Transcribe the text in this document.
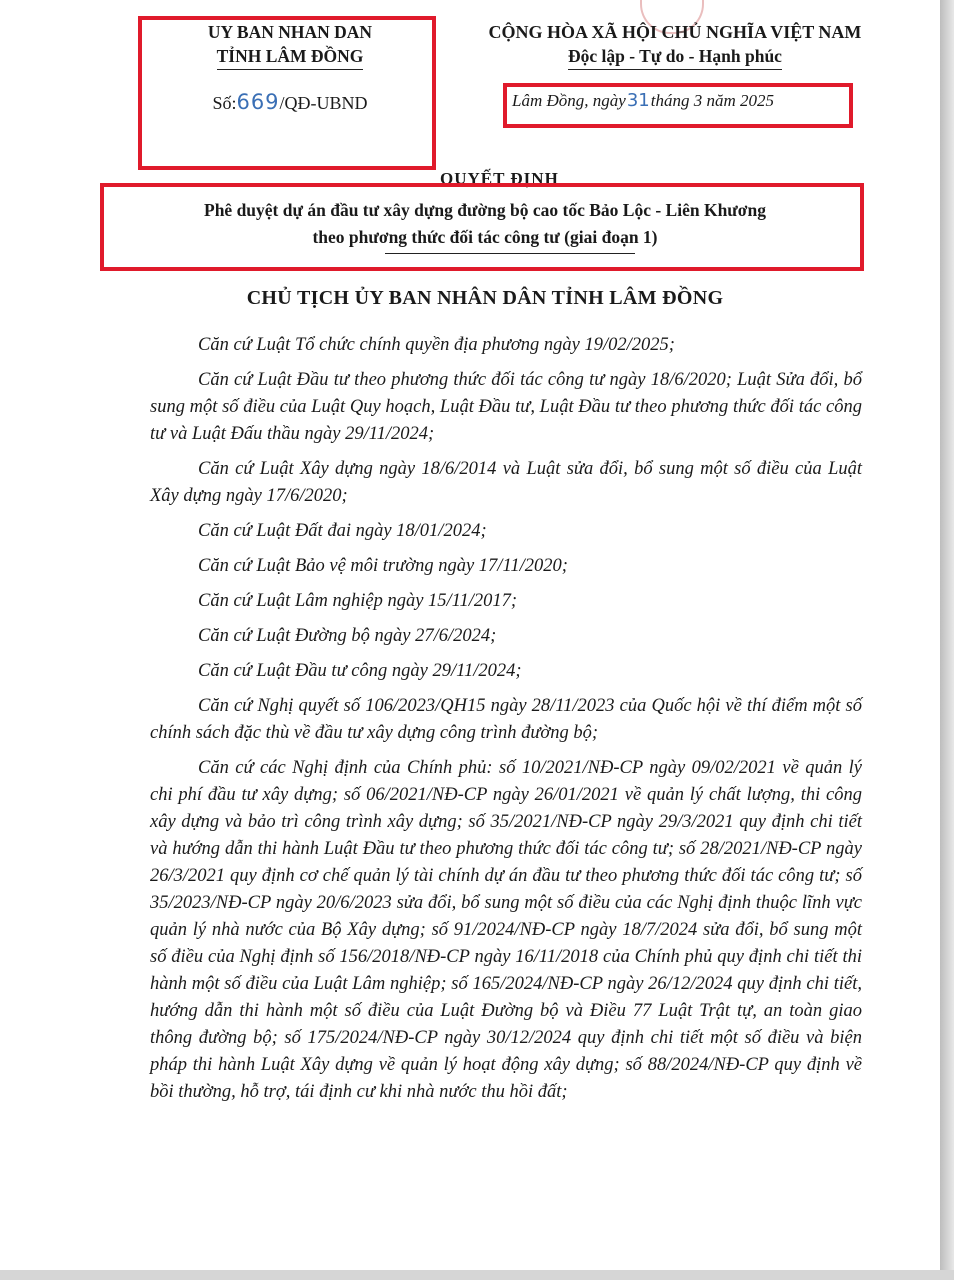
UY BAN NHAN DAN
TỈNH LÂM ĐỒNG
Số:669/QĐ-UBND
CỘNG HÒA XÃ HỘI CHỦ NGHĨA VIỆT NAM
Độc lập - Tự do - Hạnh phúc
Lâm Đồng, ngày31tháng 3 năm 2025
QUYẾT ĐỊNH
Phê duyệt dự án đầu tư xây dựng đường bộ cao tốc Bảo Lộc - Liên Khương
theo phương thức đối tác công tư (giai đoạn 1)
CHỦ TỊCH ỦY BAN NHÂN DÂN TỈNH LÂM ĐỒNG

Căn cứ Luật Tổ chức chính quyền địa phương ngày 19/02/2025;

Căn cứ Luật Đầu tư theo phương thức đối tác công tư ngày 18/6/2020; Luật Sửa đổi, bổ sung một số điều của Luật Quy hoạch, Luật Đầu tư, Luật Đầu tư theo phương thức đối tác công tư và Luật Đấu thầu ngày 29/11/2024;

Căn cứ Luật Xây dựng ngày 18/6/2014 và Luật sửa đổi, bổ sung một số điều của Luật Xây dựng ngày 17/6/2020;

Căn cứ Luật Đất đai ngày 18/01/2024;

Căn cứ Luật Bảo vệ môi trường ngày 17/11/2020;

Căn cứ Luật Lâm nghiệp ngày 15/11/2017;

Căn cứ Luật Đường bộ ngày 27/6/2024;

Căn cứ Luật Đầu tư công ngày 29/11/2024;

Căn cứ Nghị quyết số 106/2023/QH15 ngày 28/11/2023 của Quốc hội về thí điểm một số chính sách đặc thù về đầu tư xây dựng công trình đường bộ;

Căn cứ các Nghị định của Chính phủ: số 10/2021/NĐ-CP ngày 09/02/2021 về quản lý chi phí đầu tư xây dựng; số 06/2021/NĐ-CP ngày 26/01/2021 về quản lý chất lượng, thi công xây dựng và bảo trì công trình xây dựng; số 35/2021/NĐ-CP ngày 29/3/2021 quy định chi tiết và hướng dẫn thi hành Luật Đầu tư theo phương thức đối tác công tư; số 28/2021/NĐ-CP ngày 26/3/2021 quy định cơ chế quản lý tài chính dự án đầu tư theo phương thức đối tác công tư; số 35/2023/NĐ-CP ngày 20/6/2023 sửa đổi, bổ sung một số điều của các Nghị định thuộc lĩnh vực quản lý nhà nước của Bộ Xây dựng; số 91/2024/NĐ-CP ngày 18/7/2024 sửa đổi, bổ sung một số điều của Nghị định số 156/2018/NĐ-CP ngày 16/11/2018 của Chính phủ quy định chi tiết thi hành một số điều của Luật Lâm nghiệp; số 165/2024/NĐ-CP ngày 26/12/2024 quy định chi tiết, hướng dẫn thi hành một số điều của Luật Đường bộ và Điều 77 Luật Trật tự, an toàn giao thông đường bộ; số 175/2024/NĐ-CP ngày 30/12/2024 quy định chi tiết một số điều và biện pháp thi hành Luật Xây dựng về quản lý hoạt động xây dựng; số 88/2024/NĐ-CP quy định về bồi thường, hỗ trợ, tái định cư khi nhà nước thu hồi đất;
